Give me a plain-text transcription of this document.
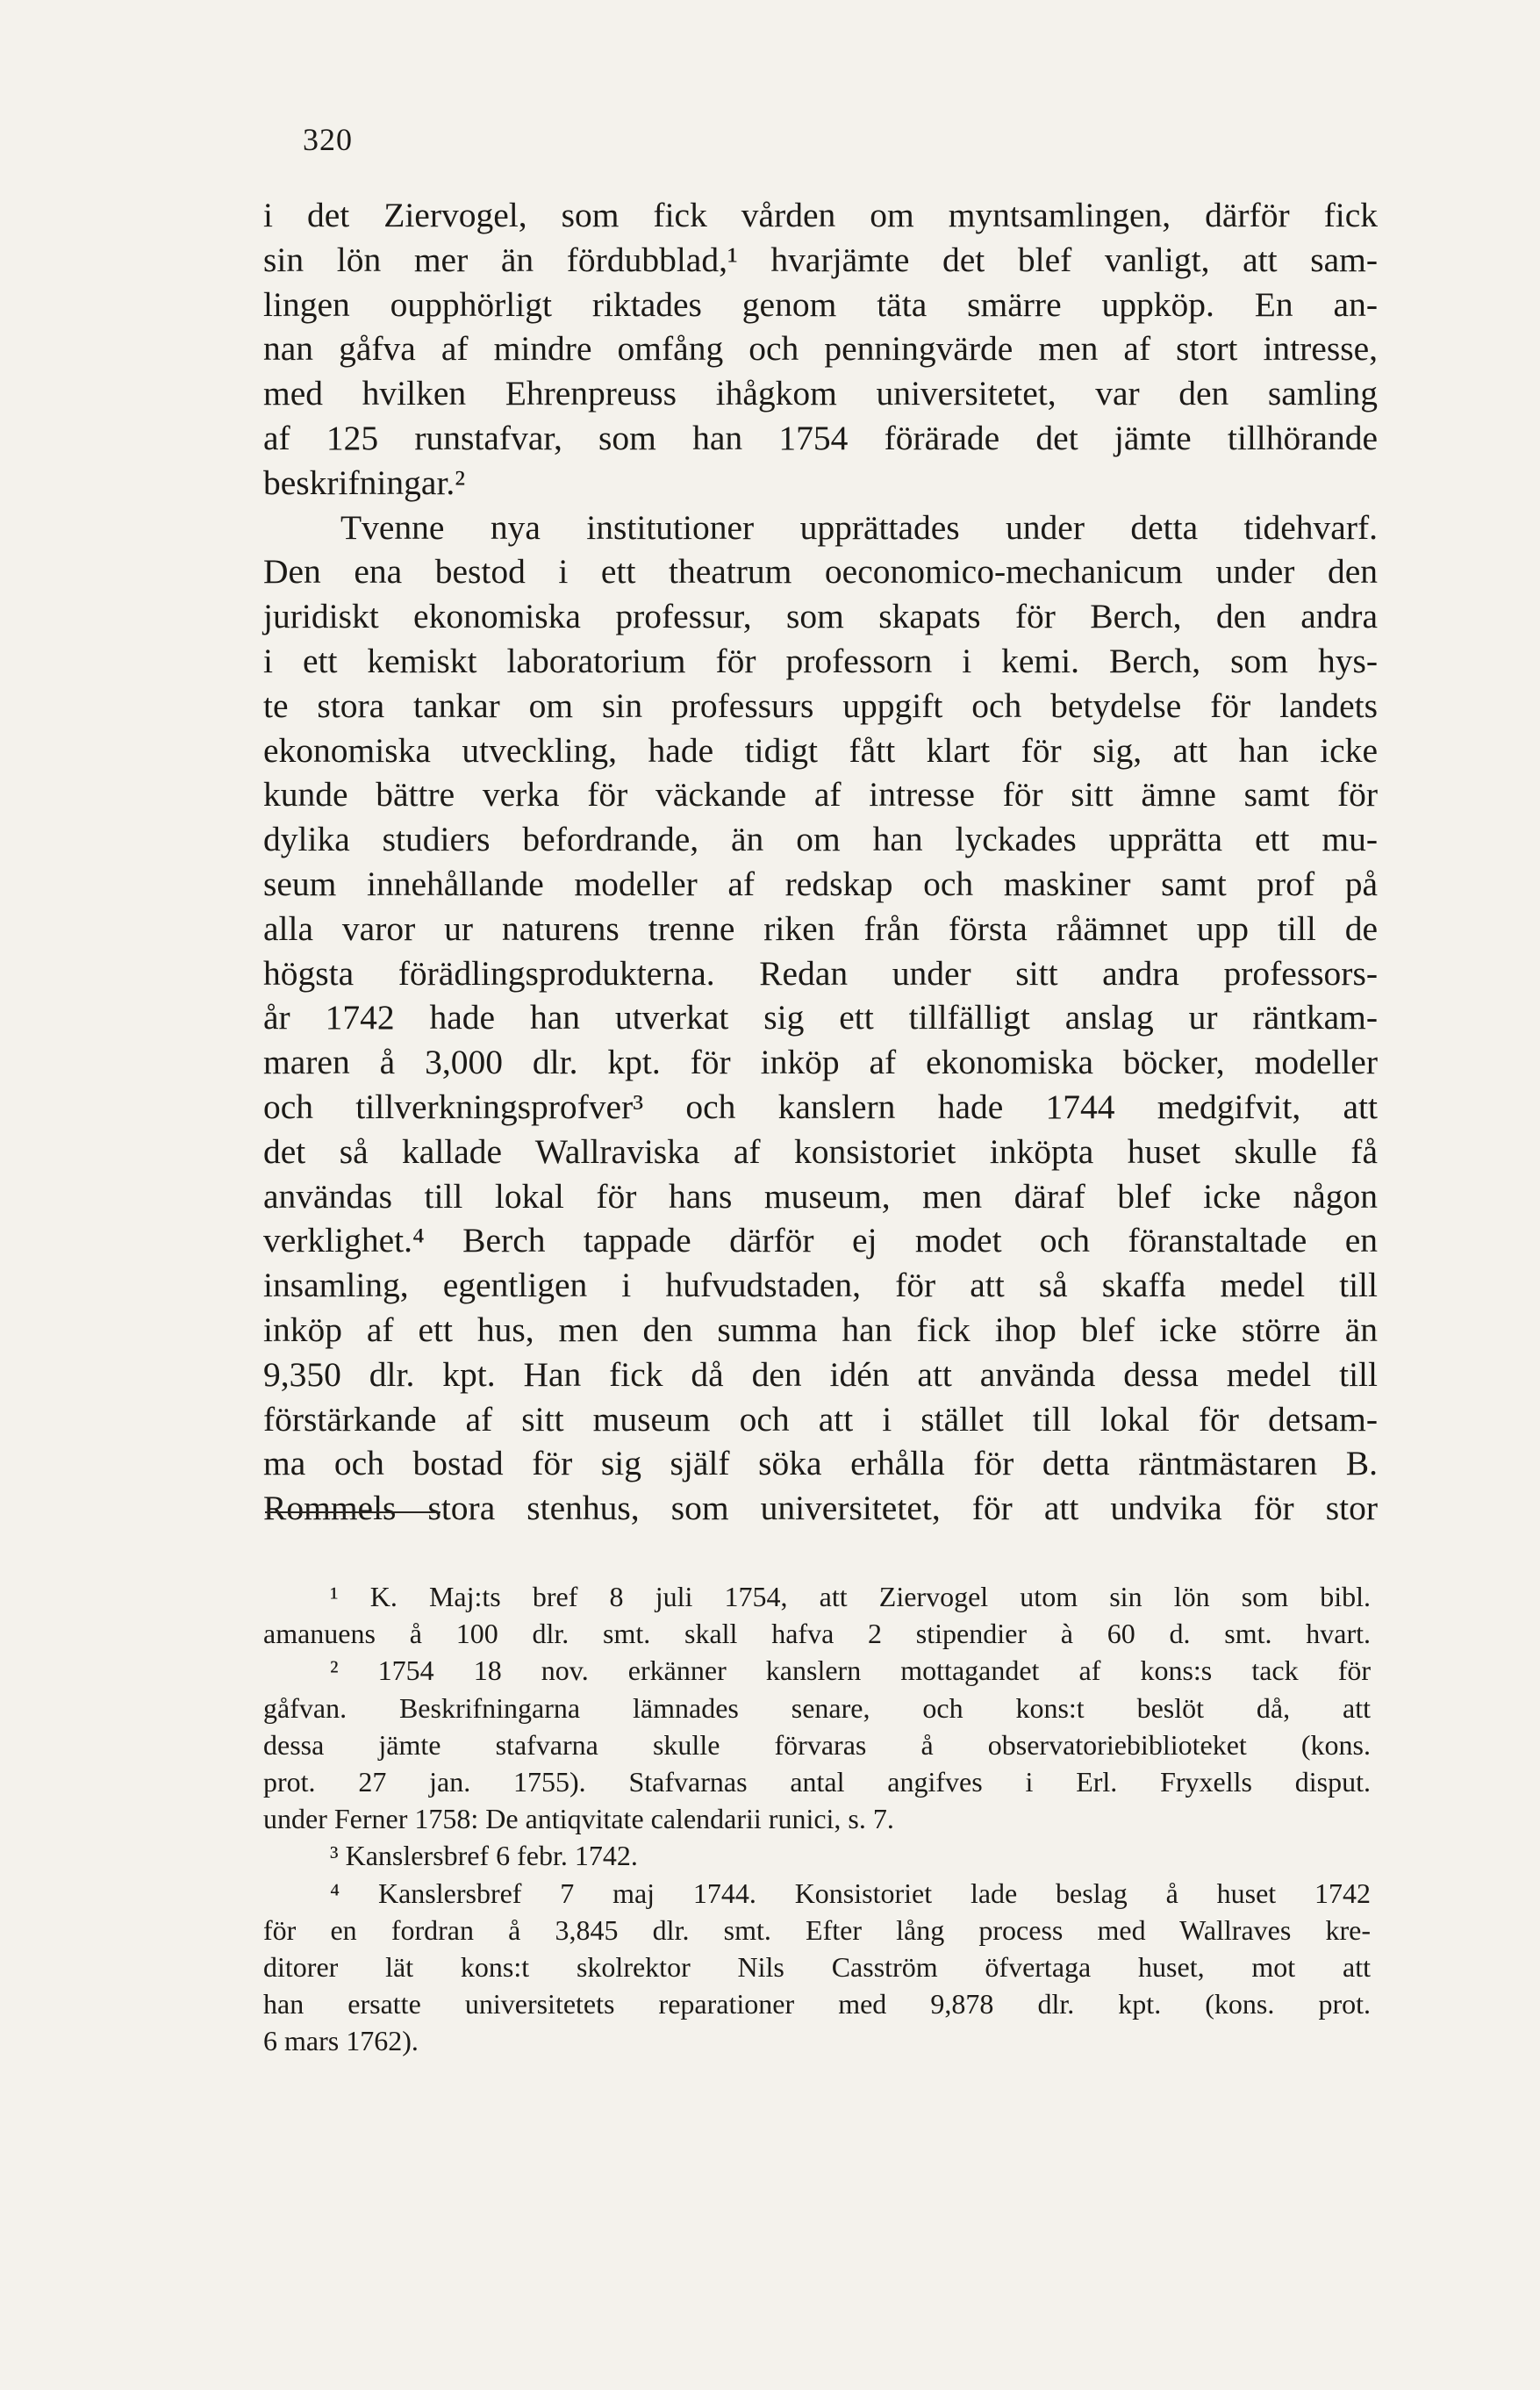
320
i det Ziervogel, som fick vården om myntsamlingen, därför fick
sin lön mer än fördubblad,¹ hvarjämte det blef vanligt, att sam-
lingen oupphörligt riktades genom täta smärre uppköp. En an-
nan gåfva af mindre omfång och penningvärde men af stort intresse,
med hvilken Ehrenpreuss ihågkom universitetet, var den samling
af 125 runstafvar, som han 1754 förärade det jämte tillhörande
beskrifningar.²
Tvenne nya institutioner upprättades under detta tidehvarf.
Den ena bestod i ett theatrum oeconomico-mechanicum under den
juridiskt ekonomiska professur, som skapats för Berch, den andra
i ett kemiskt laboratorium för professorn i kemi. Berch, som hys-
te stora tankar om sin professurs uppgift och betydelse för landets
ekonomiska utveckling, hade tidigt fått klart för sig, att han icke
kunde bättre verka för väckande af intresse för sitt ämne samt för
dylika studiers befordrande, än om han lyckades upprätta ett mu-
seum innehållande modeller af redskap och maskiner samt prof på
alla varor ur naturens trenne riken från första råämnet upp till de
högsta förädlingsprodukterna. Redan under sitt andra professors-
år 1742 hade han utverkat sig ett tillfälligt anslag ur räntkam-
maren å 3,000 dlr. kpt. för inköp af ekonomiska böcker, modeller
och tillverkningsprofver³ och kanslern hade 1744 medgifvit, att
det så kallade Wallraviska af konsistoriet inköpta huset skulle få
användas till lokal för hans museum, men däraf blef icke någon
verklighet.⁴ Berch tappade därför ej modet och föranstaltade en
insamling, egentligen i hufvudstaden, för att så skaffa medel till
inköp af ett hus, men den summa han fick ihop blef icke större än
9,350 dlr. kpt. Han fick då den idén att använda dessa medel till
förstärkande af sitt museum och att i stället till lokal för detsam-
ma och bostad för sig själf söka erhålla för detta räntmästaren B.
Rommels stora stenhus, som universitetet, för att undvika för stor
¹ K. Maj:ts bref 8 juli 1754, att Ziervogel utom sin lön som bibl.
amanuens å 100 dlr. smt. skall hafva 2 stipendier à 60 d. smt. hvart.
² 1754 18 nov. erkänner kanslern mottagandet af kons:s tack för
gåfvan. Beskrifningarna lämnades senare, och kons:t beslöt då, att
dessa jämte stafvarna skulle förvaras å observatoriebiblioteket (kons.
prot. 27 jan. 1755). Stafvarnas antal angifves i Erl. Fryxells disput.
under Ferner 1758: De antiqvitate calendarii runici, s. 7.
³ Kanslersbref 6 febr. 1742.
⁴ Kanslersbref 7 maj 1744. Konsistoriet lade beslag å huset 1742
för en fordran å 3,845 dlr. smt. Efter lång process med Wallraves kre-
ditorer lät kons:t skolrektor Nils Casström öfvertaga huset, mot att
han ersatte universitetets reparationer med 9,878 dlr. kpt. (kons. prot.
6 mars 1762).
